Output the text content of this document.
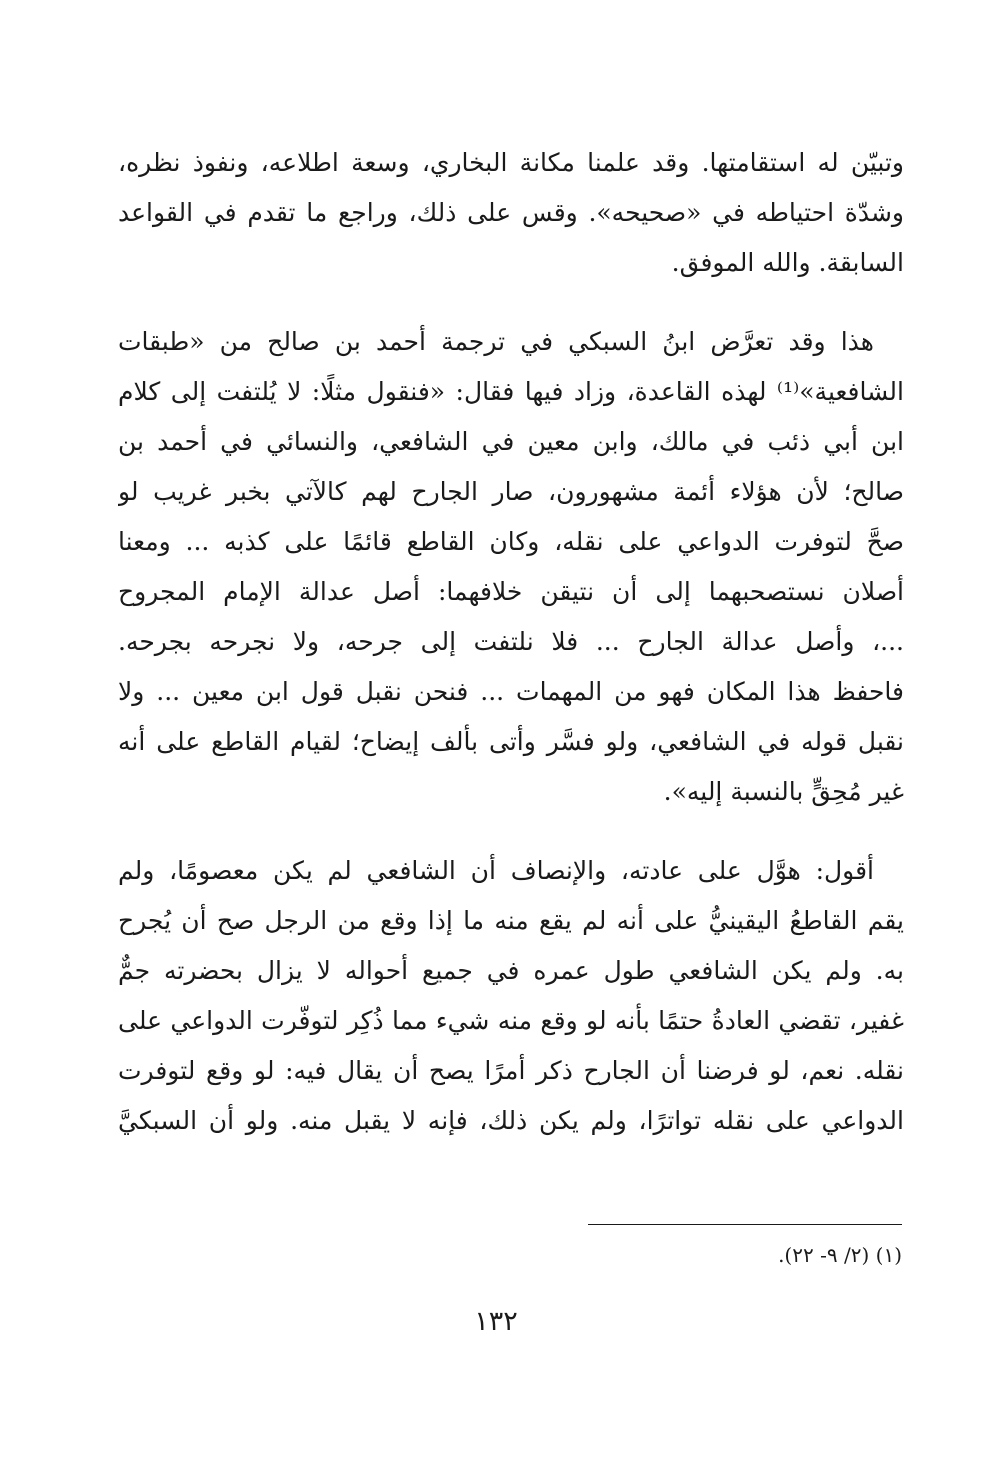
وتبيّن له استقامتها. وقد علمنا مكانة البخاري، وسعة اطلاعه، ونفوذ نظره،
وشدّة احتياطه في «صحيحه». وقس على ذلك، وراجع ما تقدم في القواعد
السابقة. والله الموفق.

هذا وقد تعرَّض ابنُ السبكي في ترجمة أحمد بن صالح من «طبقات
الشافعية»⁽¹⁾ لهذه القاعدة، وزاد فيها فقال: «فنقول مثلًا: لا يُلتفت إلى كلام
ابن أبي ذئب في مالك، وابن معين في الشافعي، والنسائي في أحمد بن
صالح؛ لأن هؤلاء أئمة مشهورون، صار الجارح لهم كالآتي بخبر غريب لو
صحَّ لتوفرت الدواعي على نقله، وكان القاطع قائمًا على كذبه ... ومعنا
أصلان نستصحبهما إلى أن نتيقن خلافهما: أصل عدالة الإمام المجروح
...، وأصل عدالة الجارح ... فلا نلتفت إلى جرحه، ولا نجرحه بجرحه.
فاحفظ هذا المكان فهو من المهمات ... فنحن نقبل قول ابن معين ... ولا
نقبل قوله في الشافعي، ولو فسَّر وأتى بألف إيضاح؛ لقيام القاطع على أنه
غير مُحِقٍّ بالنسبة إليه».

أقول: هوَّل على عادته، والإنصاف أن الشافعي لم يكن معصومًا، ولم
يقم القاطعُ اليقينيُّ على أنه لم يقع منه ما إذا وقع من الرجل صح أن يُجرح
به. ولم يكن الشافعي طول عمره في جميع أحواله لا يزال بحضرته جمٌّ
غفير، تقضي العادةُ حتمًا بأنه لو وقع منه شيء مما ذُكِر لتوفّرت الدواعي على
نقله. نعم، لو فرضنا أن الجارح ذكر أمرًا يصح أن يقال فيه: لو وقع لتوفرت
الدواعي على نقله تواترًا، ولم يكن ذلك، فإنه لا يقبل منه. ولو أن السبكيَّ

(١) (٢/ ٩- ٢٢).
١٣٢
